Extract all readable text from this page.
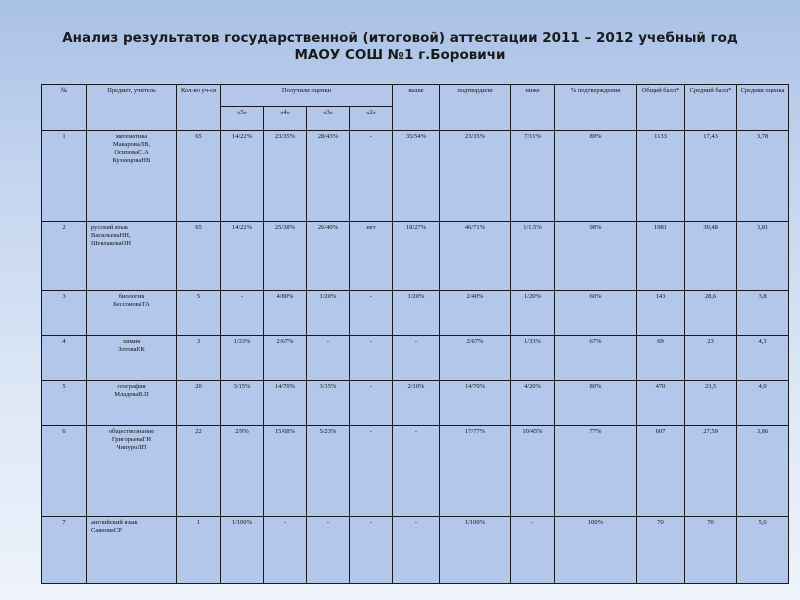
Анализ результатов государственной (итоговой) аттестации 2011 – 2012 учебный год
МАОУ СОШ №1 г.Боровичи
№	Предмет, учитель	Кол-во уч-ся	Получили оценки				выше	подтвердили	ниже	% подтверждения	Общий балл*	Средний балл*	Средняя оценка
			«5»	«4»	«3»	«2»							
1	математика
МакароваЛВ,
ОсиповаС.А
КузнецоваНВ	65	14/22%	23/35%	28/43%	-	35/54%	23/35%	7/11%	89%	1133	17,43	3,78
2	русский язык
ВасильеваНН,
ШевлаковаОН	65	14/22%	25/38%	26/40%	нет	18/27%	46/71%	1/1.5%	98%	1981	30,48	3,81
3	биология
БессоноваТА	5	-	4/80%	1/20%	-	1/20%	2/40%	1/20%	60%	143	28,6	3,8
4	химия
ЗотоваЕК	3	1/33%	2/67%	-	-	-	2/67%	1/33%	67%	69	23	4,3
5	география
МладеваВ.П	20	3/15%	14/70%	3/15%	-	2/10%	14/70%	4/20%	80%	470	23,5	4,0
6	обществознание
ГригорьеваГИ
ЧипуроЛП	22	2/9%	15/68%	5/23%	-	-	17/77%	10/45%	77%	607	27,59	3,86
7	английский язык
СаяноваСР	1	1/100%	-	-	-	-	1/100%	-	100%	70	70	5,0
